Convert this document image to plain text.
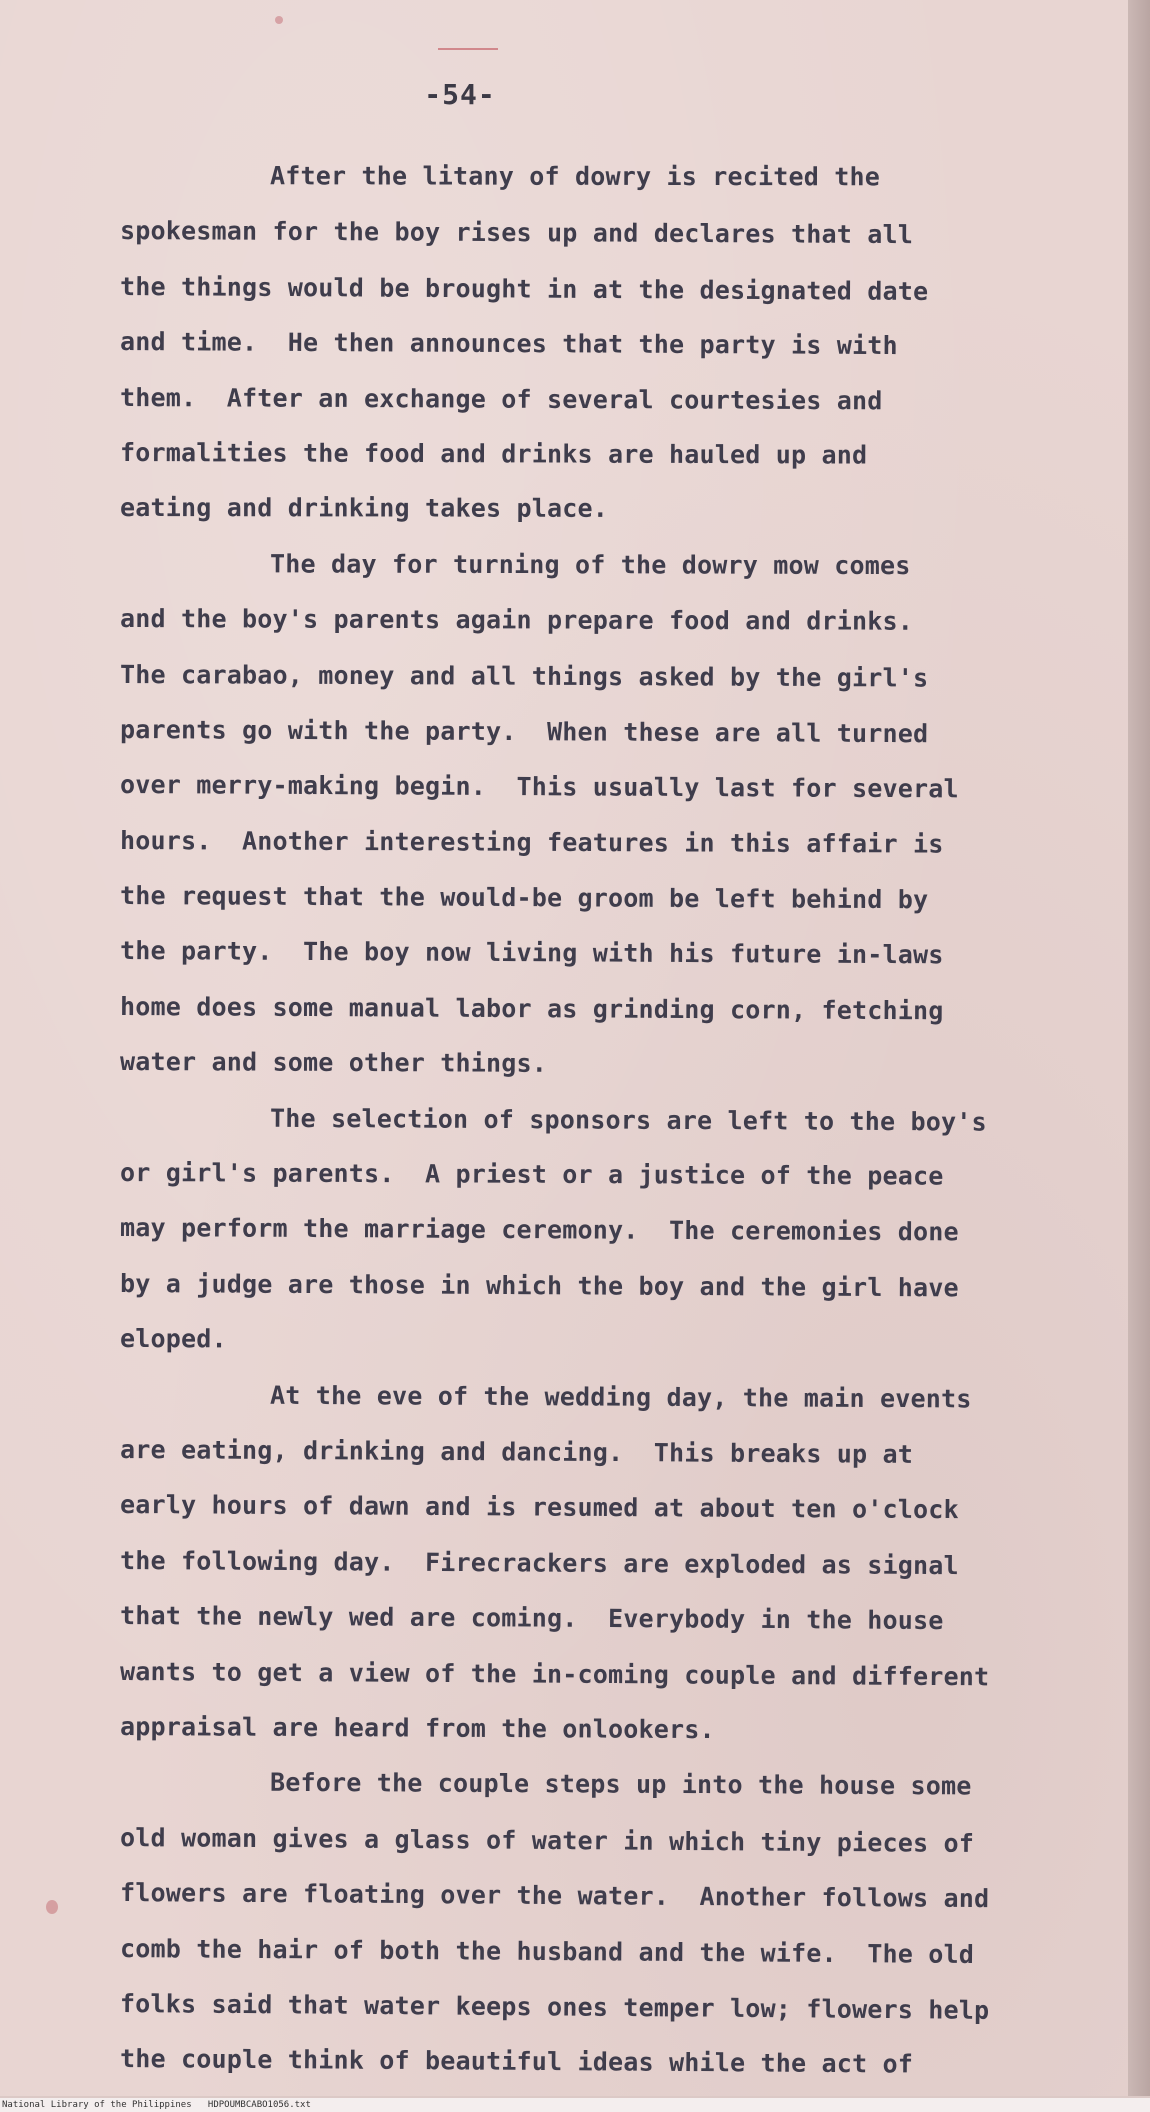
-54-
After the litany of dowry is recited the
spokesman for the boy rises up and declares that all
the things would be brought in at the designated date
and time.  He then announces that the party is with
them.  After an exchange of several courtesies and
formalities the food and drinks are hauled up and
eating and drinking takes place.
The day for turning of the dowry mow comes
and the boy's parents again prepare food and drinks.
The carabao, money and all things asked by the girl's
parents go with the party.  When these are all turned
over merry-making begin.  This usually last for several
hours.  Another interesting features in this affair is
the request that the would-be groom be left behind by
the party.  The boy now living with his future in-laws
home does some manual labor as grinding corn, fetching
water and some other things.
The selection of sponsors are left to the boy's
or girl's parents.  A priest or a justice of the peace
may perform the marriage ceremony.  The ceremonies done
by a judge are those in which the boy and the girl have
eloped.
At the eve of the wedding day, the main events
are eating, drinking and dancing.  This breaks up at
early hours of dawn and is resumed at about ten o'clock
the following day.  Firecrackers are exploded as signal
that the newly wed are coming.  Everybody in the house
wants to get a view of the in-coming couple and different
appraisal are heard from the onlookers.
Before the couple steps up into the house some
old woman gives a glass of water in which tiny pieces of
flowers are floating over the water.  Another follows and
comb the hair of both the husband and the wife.  The old
folks said that water keeps ones temper low; flowers help
the couple think of beautiful ideas while the act of
National Library of the Philippines HDPOUMBCABO1056.txt
